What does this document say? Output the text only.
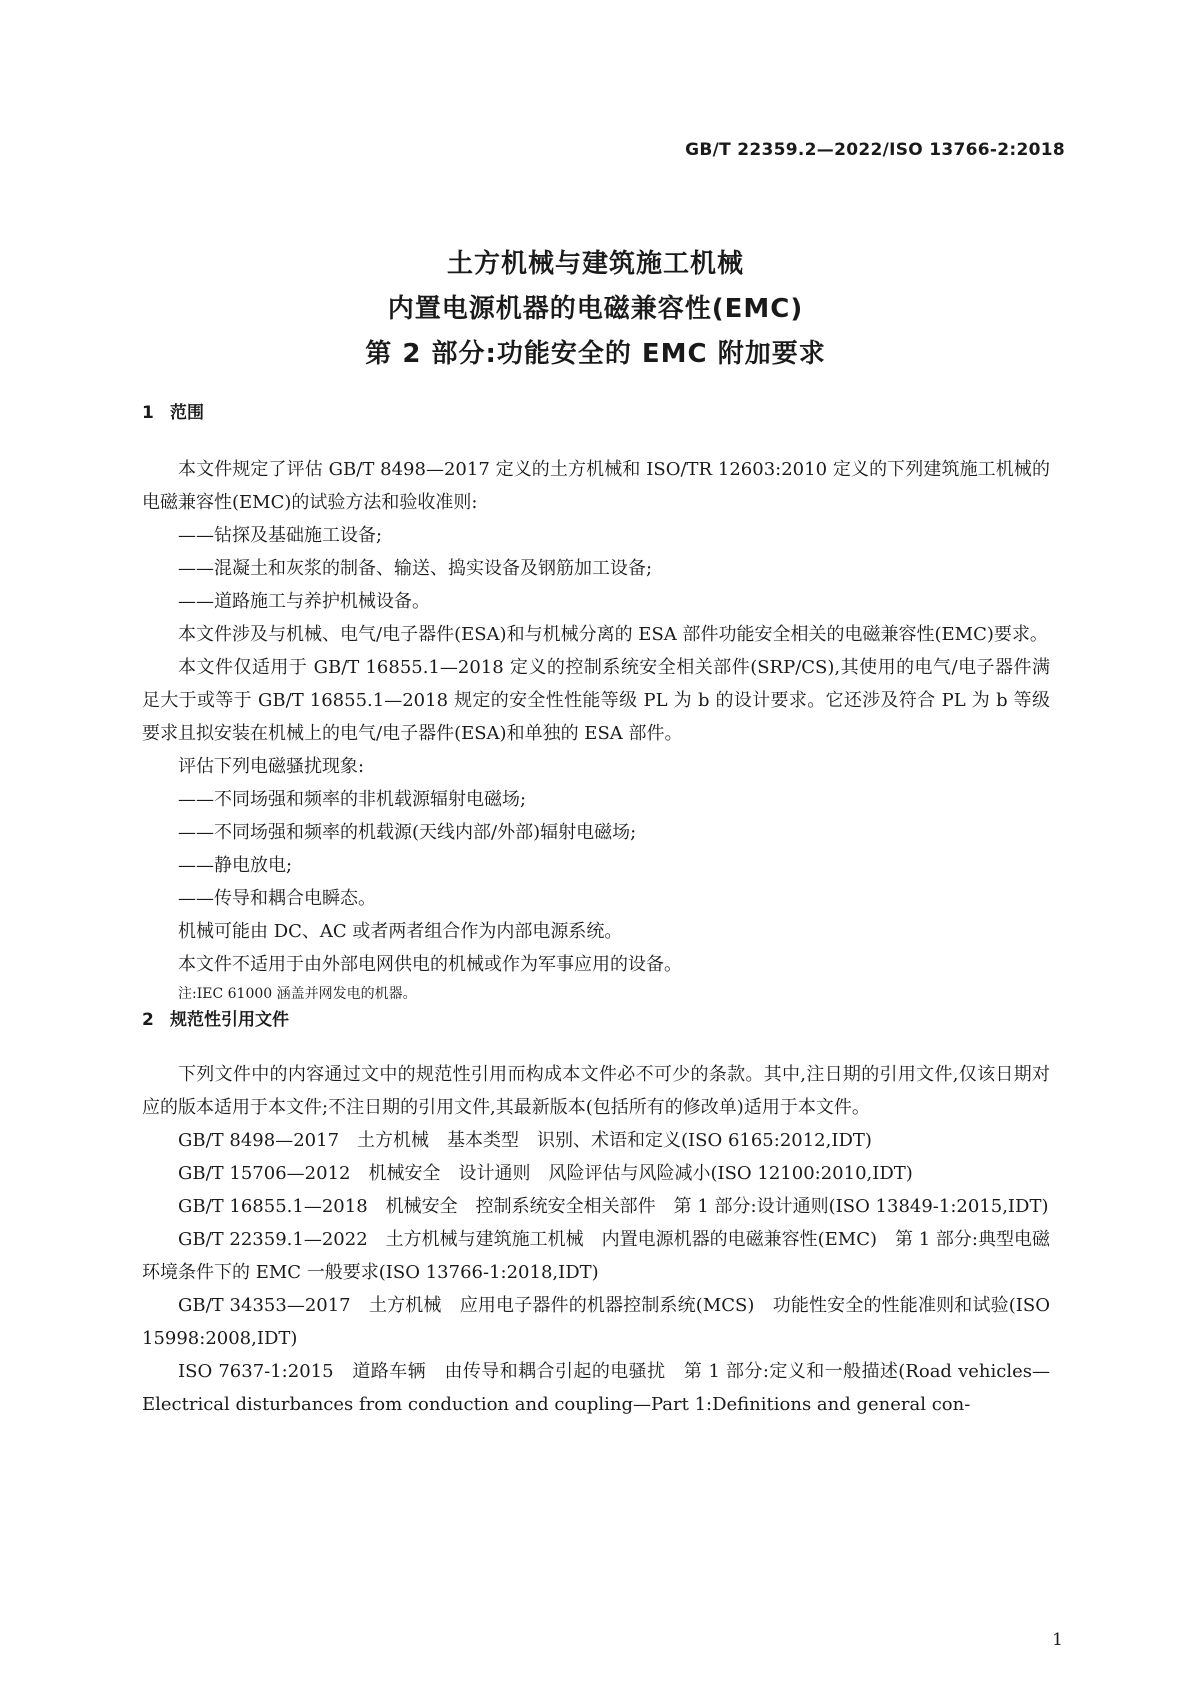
GB/T 22359.2—2022/ISO 13766-2:2018
土方机械与建筑施工机械
内置电源机器的电磁兼容性(EMC)
第 2 部分:功能安全的 EMC 附加要求
1 范围

本文件规定了评估 GB/T 8498—2017 定义的土方机械和 ISO/TR 12603:2010 定义的下列建筑施工机械的电磁兼容性(EMC)的试验方法和验收准则:

——钻探及基础施工设备;

——混凝土和灰浆的制备、输送、捣实设备及钢筋加工设备;

——道路施工与养护机械设备。

本文件涉及与机械、电气/电子器件(ESA)和与机械分离的 ESA 部件功能安全相关的电磁兼容性(EMC)要求。

本文件仅适用于 GB/T 16855.1—2018 定义的控制系统安全相关部件(SRP/CS),其使用的电气/电子器件满足大于或等于 GB/T 16855.1—2018 规定的安全性性能等级 PL 为 b 的设计要求。它还涉及符合 PL 为 b 等级要求且拟安装在机械上的电气/电子器件(ESA)和单独的 ESA 部件。

评估下列电磁骚扰现象:

——不同场强和频率的非机载源辐射电磁场;

——不同场强和频率的机载源(天线内部/外部)辐射电磁场;

——静电放电;

——传导和耦合电瞬态。

机械可能由 DC、AC 或者两者组合作为内部电源系统。

本文件不适用于由外部电网供电的机械或作为军事应用的设备。

注:IEC 61000 涵盖并网发电的机器。

2 规范性引用文件

下列文件中的内容通过文中的规范性引用而构成本文件必不可少的条款。其中,注日期的引用文件,仅该日期对应的版本适用于本文件;不注日期的引用文件,其最新版本(包括所有的修改单)适用于本文件。

GB/T 8498—2017　土方机械　基本类型　识别、术语和定义(ISO 6165:2012,IDT)

GB/T 15706—2012　机械安全　设计通则　风险评估与风险减小(ISO 12100:2010,IDT)

GB/T 16855.1—2018　机械安全　控制系统安全相关部件　第 1 部分:设计通则(ISO 13849-1:2015,IDT)

GB/T 22359.1—2022　土方机械与建筑施工机械　内置电源机器的电磁兼容性(EMC)　第 1 部分:典型电磁环境条件下的 EMC 一般要求(ISO 13766-1:2018,IDT)

GB/T 34353—2017　土方机械　应用电子器件的机器控制系统(MCS)　功能性安全的性能准则和试验(ISO 15998:2008,IDT)

ISO 7637-1:2015　道路车辆　由传导和耦合引起的电骚扰　第 1 部分:定义和一般描述(Road vehicles—Electrical disturbances from conduction and coupling—Part 1:Definitions and general con-

1
